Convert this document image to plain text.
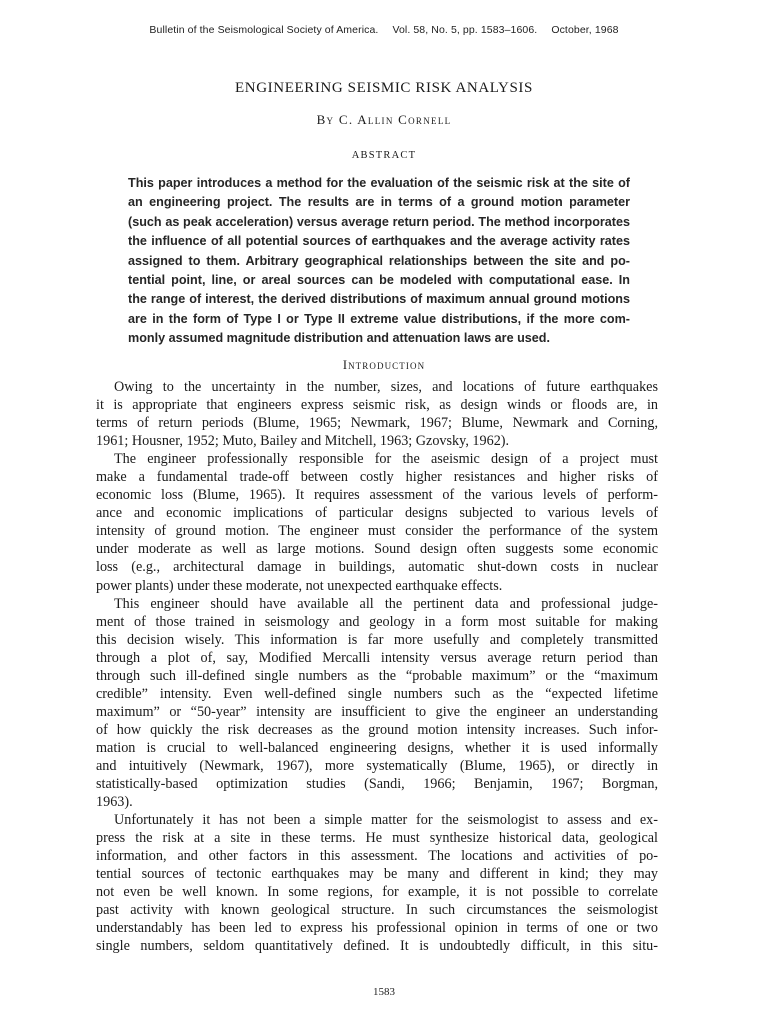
Bulletin of the Seismological Society of America. Vol. 58, No. 5, pp. 1583–1606. October, 1968
ENGINEERING SEISMIC RISK ANALYSIS
By C. Allin Cornell
ABSTRACT
This paper introduces a method for the evaluation of the seismic risk at the site of
an engineering project. The results are in terms of a ground motion parameter
(such as peak acceleration) versus average return period. The method incorporates
the influence of all potential sources of earthquakes and the average activity rates
assigned to them. Arbitrary geographical relationships between the site and po-
tential point, line, or areal sources can be modeled with computational ease. In
the range of interest, the derived distributions of maximum annual ground motions
are in the form of Type I or Type II extreme value distributions, if the more com-
monly assumed magnitude distribution and attenuation laws are used.
Introduction
Owing to the uncertainty in the number, sizes, and locations of future earthquakes
it is appropriate that engineers express seismic risk, as design winds or floods are, in
terms of return periods (Blume, 1965; Newmark, 1967; Blume, Newmark and Corning,
1961; Housner, 1952; Muto, Bailey and Mitchell, 1963; Gzovsky, 1962).
The engineer professionally responsible for the aseismic design of a project must
make a fundamental trade-off between costly higher resistances and higher risks of
economic loss (Blume, 1965). It requires assessment of the various levels of perform-
ance and economic implications of particular designs subjected to various levels of
intensity of ground motion. The engineer must consider the performance of the system
under moderate as well as large motions. Sound design often suggests some economic
loss (e.g., architectural damage in buildings, automatic shut-down costs in nuclear
power plants) under these moderate, not unexpected earthquake effects.
This engineer should have available all the pertinent data and professional judge-
ment of those trained in seismology and geology in a form most suitable for making
this decision wisely. This information is far more usefully and completely transmitted
through a plot of, say, Modified Mercalli intensity versus average return period than
through such ill-defined single numbers as the “probable maximum” or the “maximum
credible” intensity. Even well-defined single numbers such as the “expected lifetime
maximum” or “50-year” intensity are insufficient to give the engineer an understanding
of how quickly the risk decreases as the ground motion intensity increases. Such infor-
mation is crucial to well-balanced engineering designs, whether it is used informally
and intuitively (Newmark, 1967), more systematically (Blume, 1965), or directly in
statistically-based optimization studies (Sandi, 1966; Benjamin, 1967; Borgman,
1963).
Unfortunately it has not been a simple matter for the seismologist to assess and ex-
press the risk at a site in these terms. He must synthesize historical data, geological
information, and other factors in this assessment. The locations and activities of po-
tential sources of tectonic earthquakes may be many and different in kind; they may
not even be well known. In some regions, for example, it is not possible to correlate
past activity with known geological structure. In such circumstances the seismologist
understandably has been led to express his professional opinion in terms of one or two
single numbers, seldom quantitatively defined. It is undoubtedly difficult, in this situ-
1583
